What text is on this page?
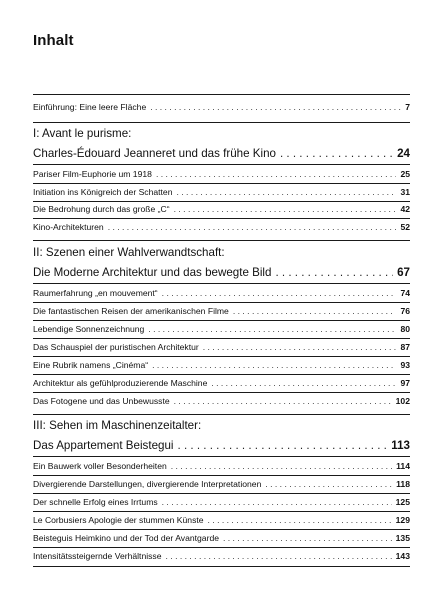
Inhalt
Einführung: Eine leere Fläche . . .	7
I: Avant le purisme:
Charles-Édouard Jeanneret und das frühe Kino . . .	24
Pariser Film-Euphorie um 1918 . . .	25
Initiation ins Königreich der Schatten . . .	31
Die Bedrohung durch das große „C“ . . .	42
Kino-Architekturen . . .	52
II: Szenen einer Wahlverwandtschaft:
Die Moderne Architektur und das bewegte Bild . . .	67
Raumerfahrung „en mouvement“ . . .	74
Die fantastischen Reisen der amerikanischen Filme . . .	76
Lebendige Sonnenzeichnung . . .	80
Das Schauspiel der puristischen Architektur . . .	87
Eine Rubrik namens „Cinéma“ . . .	93
Architektur als gefühlproduzierende Maschine . . .	97
Das Fotogene und das Unbewusste . . .	102
III: Sehen im Maschinenzeitalter:
Das Appartement Beistegui . . .	113
Ein Bauwerk voller Besonderheiten . . .	114
Divergierende Darstellungen, divergierende Interpretationen . . .	118
Der schnelle Erfolg eines Irrtums . . .	125
Le Corbusiers Apologie der stummen Künste . . .	129
Beisteguis Heimkino und der Tod der Avantgarde . . .	135
Intensitätssteigernde Verhältnisse . . .	143
